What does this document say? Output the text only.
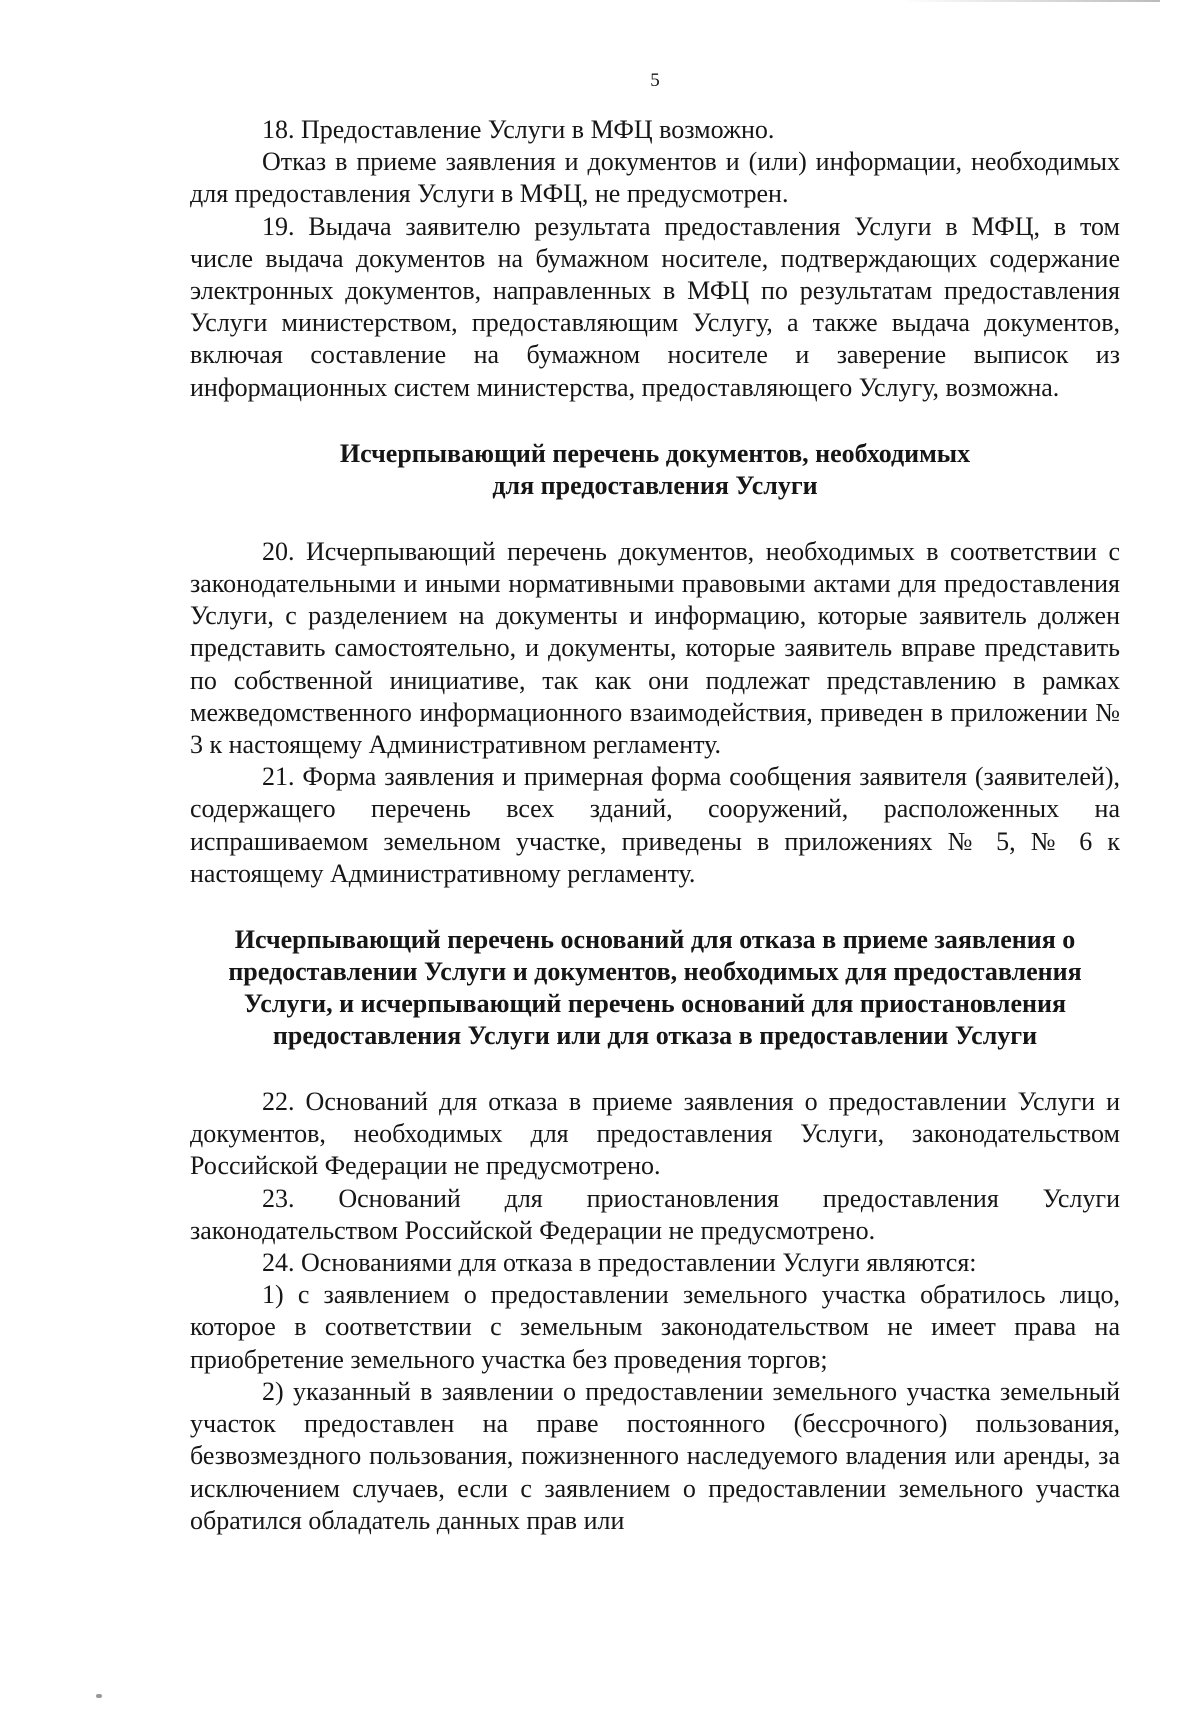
5

18. Предоставление Услуги в МФЦ возможно.

Отказ в приеме заявления и документов и (или) информации, необходимых для предоставления Услуги в МФЦ, не предусмотрен.

19. Выдача заявителю результата предоставления Услуги в МФЦ, в том числе выдача документов на бумажном носителе, подтверждающих содержание электронных документов, направленных в МФЦ по результатам предоставления Услуги министерством, предоставляющим Услугу, а также выдача документов, включая составление на бумажном носителе и заверение выписок из информационных систем министерства, предоставляющего Услугу, возможна.

Исчерпывающий перечень документов, необходимых
для предоставления Услуги

20. Исчерпывающий перечень документов, необходимых в соответствии с законодательными и иными нормативными правовыми актами для предоставления Услуги, с разделением на документы и информацию, которые заявитель должен представить самостоятельно, и документы, которые заявитель вправе представить по собственной инициативе, так как они подлежат представлению в рамках межведомственного информационного взаимодействия, приведен в приложении № 3 к настоящему Административном регламенту.

21. Форма заявления и примерная форма сообщения заявителя (заявителей), содержащего перечень всех зданий, сооружений, расположенных на испрашиваемом земельном участке, приведены в приложениях № 5, № 6 к настоящему Административному регламенту.

Исчерпывающий перечень оснований для отказа в приеме заявления о
предоставлении Услуги и документов, необходимых для предоставления
Услуги, и исчерпывающий перечень оснований для приостановления
предоставления Услуги или для отказа в предоставлении Услуги

22. Оснований для отказа в приеме заявления о предоставлении Услуги и документов, необходимых для предоставления Услуги, законодательством Российской Федерации не предусмотрено.

23. Оснований для приостановления предоставления Услуги законодательством Российской Федерации не предусмотрено.

24. Основаниями для отказа в предоставлении Услуги являются:

1) с заявлением о предоставлении земельного участка обратилось лицо, которое в соответствии с земельным законодательством не имеет права на приобретение земельного участка без проведения торгов;

2) указанный в заявлении о предоставлении земельного участка земельный участок предоставлен на праве постоянного (бессрочного) пользования, безвозмездного пользования, пожизненного наследуемого владения или аренды, за исключением случаев, если с заявлением о предоставлении земельного участка обратился обладатель данных прав или
